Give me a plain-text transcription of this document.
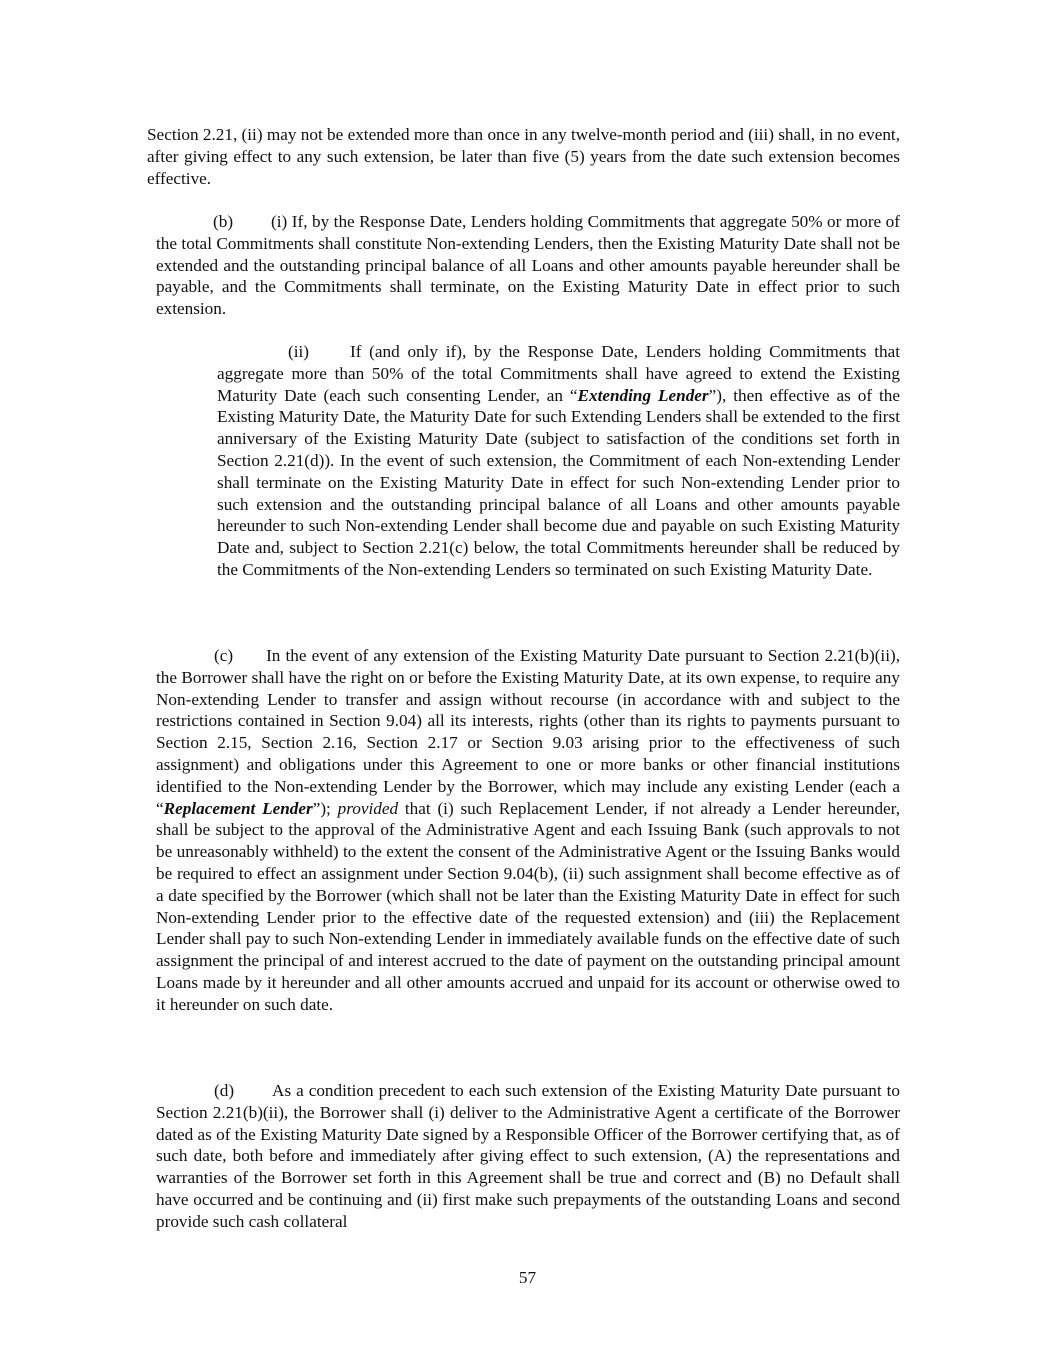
Section 2.21, (ii) may not be extended more than once in any twelve-month period and (iii) shall, in no event, after giving effect to any such extension, be later than five (5) years from the date such extension becomes effective.

(b) (i) If, by the Response Date, Lenders holding Commitments that aggregate 50% or more of the total Commitments shall constitute Non-extending Lenders, then the Existing Maturity Date shall not be extended and the outstanding principal balance of all Loans and other amounts payable hereunder shall be payable, and the Commitments shall terminate, on the Existing Maturity Date in effect prior to such extension.

(ii) If (and only if), by the Response Date, Lenders holding Commitments that aggregate more than 50% of the total Commitments shall have agreed to extend the Existing Maturity Date (each such consenting Lender, an “Extending Lender”), then effective as of the Existing Maturity Date, the Maturity Date for such Extending Lenders shall be extended to the first anniversary of the Existing Maturity Date (subject to satisfaction of the conditions set forth in Section 2.21(d)). In the event of such extension, the Commitment of each Non-extending Lender shall terminate on the Existing Maturity Date in effect for such Non-extending Lender prior to such extension and the outstanding principal balance of all Loans and other amounts payable hereunder to such Non-extending Lender shall become due and payable on such Existing Maturity Date and, subject to Section 2.21(c) below, the total Commitments hereunder shall be reduced by the Commitments of the Non-extending Lenders so terminated on such Existing Maturity Date.

(c) In the event of any extension of the Existing Maturity Date pursuant to Section 2.21(b)(ii), the Borrower shall have the right on or before the Existing Maturity Date, at its own expense, to require any Non-extending Lender to transfer and assign without recourse (in accordance with and subject to the restrictions contained in Section 9.04) all its interests, rights (other than its rights to payments pursuant to Section 2.15, Section 2.16, Section 2.17 or Section 9.03 arising prior to the effectiveness of such assignment) and obligations under this Agreement to one or more banks or other financial institutions identified to the Non-extending Lender by the Borrower, which may include any existing Lender (each a “Replacement Lender”); provided that (i) such Replacement Lender, if not already a Lender hereunder, shall be subject to the approval of the Administrative Agent and each Issuing Bank (such approvals to not be unreasonably withheld) to the extent the consent of the Administrative Agent or the Issuing Banks would be required to effect an assignment under Section 9.04(b), (ii) such assignment shall become effective as of a date specified by the Borrower (which shall not be later than the Existing Maturity Date in effect for such Non-extending Lender prior to the effective date of the requested extension) and (iii) the Replacement Lender shall pay to such Non-extending Lender in immediately available funds on the effective date of such assignment the principal of and interest accrued to the date of payment on the outstanding principal amount Loans made by it hereunder and all other amounts accrued and unpaid for its account or otherwise owed to it hereunder on such date.

(d) As a condition precedent to each such extension of the Existing Maturity Date pursuant to Section 2.21(b)(ii), the Borrower shall (i) deliver to the Administrative Agent a certificate of the Borrower dated as of the Existing Maturity Date signed by a Responsible Officer of the Borrower certifying that, as of such date, both before and immediately after giving effect to such extension, (A) the representations and warranties of the Borrower set forth in this Agreement shall be true and correct and (B) no Default shall have occurred and be continuing and (ii) first make such prepayments of the outstanding Loans and second provide such cash collateral

57
